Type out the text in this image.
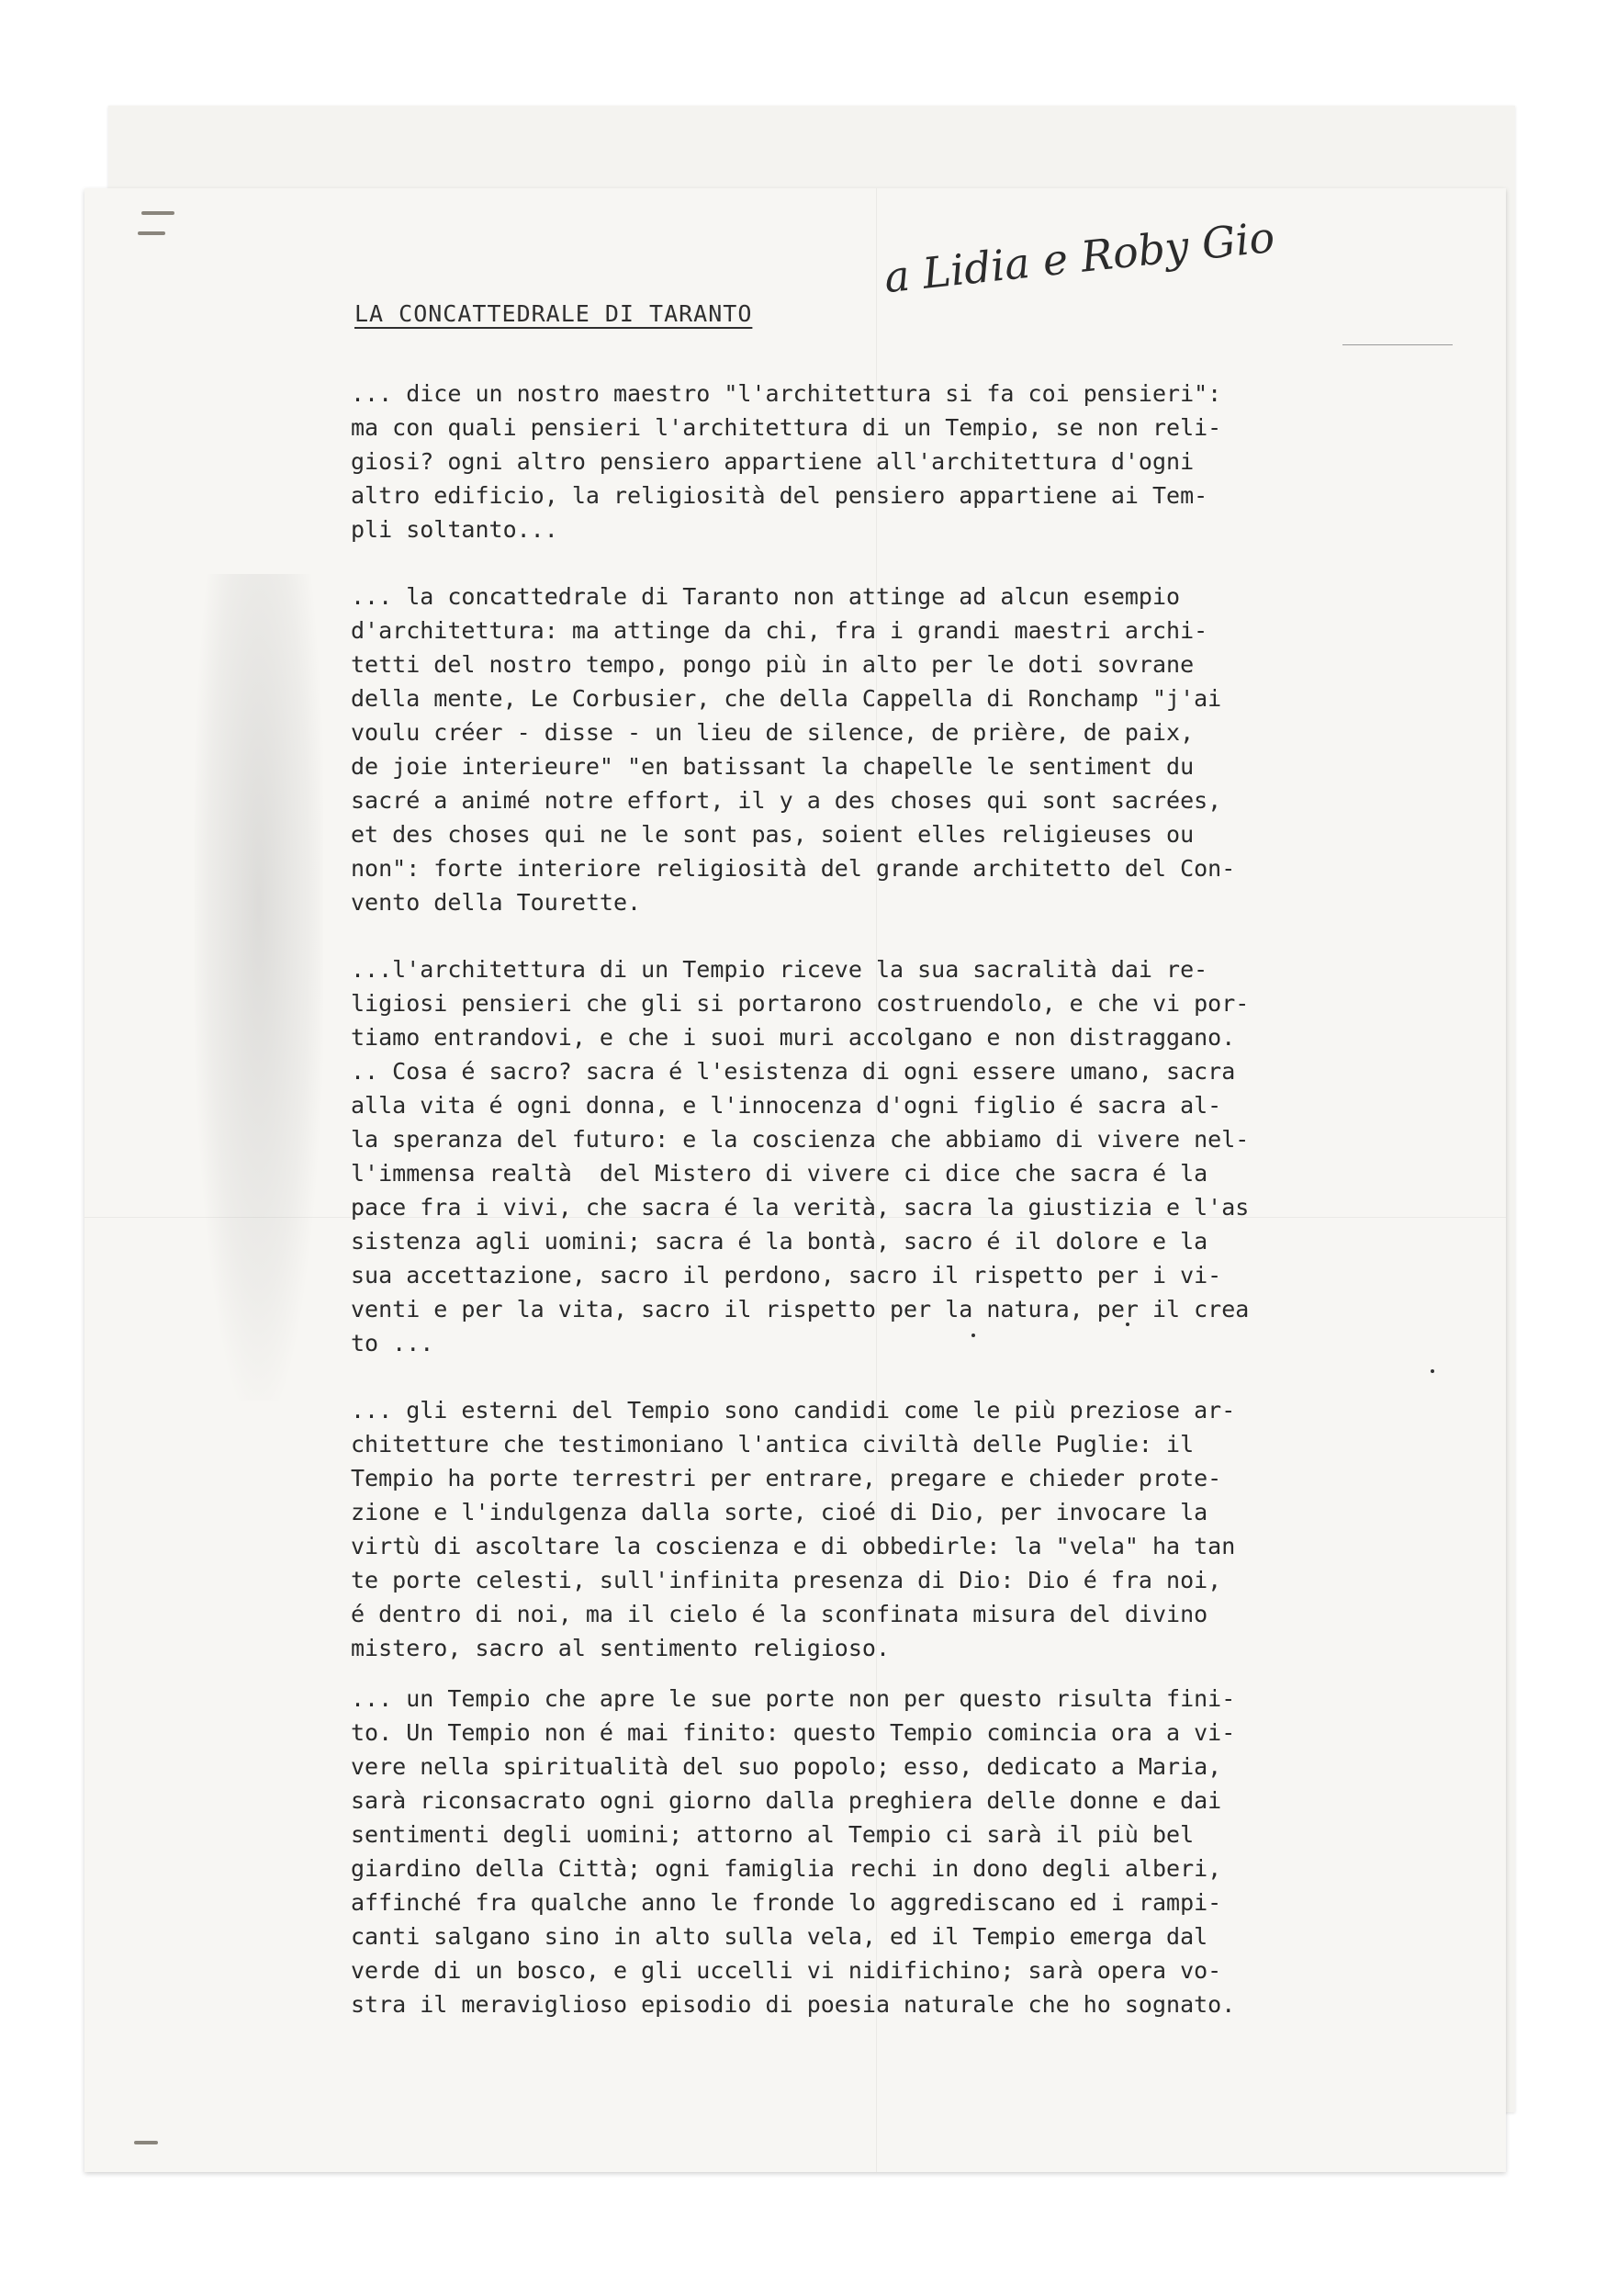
a Lidia e Roby Gio
LA CONCATTEDRALE DI TARANTO

... dice un nostro maestro "l'architettura si fa coi pensieri":
ma con quali pensieri l'architettura di un Tempio, se non reli-
giosi? ogni altro pensiero appartiene all'architettura d'ogni
altro edificio, la religiosità del pensiero appartiene ai Tem-
pli soltanto...

... la concattedrale di Taranto non attinge ad alcun esempio
d'architettura: ma attinge da chi, fra i grandi maestri archi-
tetti del nostro tempo, pongo più in alto per le doti sovrane
della mente, Le Corbusier, che della Cappella di Ronchamp "j'ai
voulu créer - disse - un lieu de silence, de prière, de paix,
de joie interieure" "en batissant la chapelle le sentiment du
sacré a animé notre effort, il y a des choses qui sont sacrées,
et des choses qui ne le sont pas, soient elles religieuses ou
non": forte interiore religiosità del grande architetto del Con-
vento della Tourette.

...l'architettura di un Tempio riceve la sua sacralità dai re-
ligiosi pensieri che gli si portarono costruendolo, e che vi por-
tiamo entrandovi, e che i suoi muri accolgano e non distraggano.
.. Cosa é sacro? sacra é l'esistenza di ogni essere umano, sacra
alla vita é ogni donna, e l'innocenza d'ogni figlio é sacra al-
la speranza del futuro: e la coscienza che abbiamo di vivere nel-
l'immensa realtà  del Mistero di vivere ci dice che sacra é la
pace fra i vivi, che sacra é la verità, sacra la giustizia e l'as
sistenza agli uomini; sacra é la bontà, sacro é il dolore e la
sua accettazione, sacro il perdono, sacro il rispetto per i vi-
venti e per la vita, sacro il rispetto per la natura, per il crea
to ...

... gli esterni del Tempio sono candidi come le più preziose ar-
chitetture che testimoniano l'antica civiltà delle Puglie: il
Tempio ha porte terrestri per entrare, pregare e chieder prote-
zione e l'indulgenza dalla sorte, cioé di Dio, per invocare la
virtù di ascoltare la coscienza e di obbedirle: la "vela" ha tan
te porte celesti, sull'infinita presenza di Dio: Dio é fra noi,
é dentro di noi, ma il cielo é la sconfinata misura del divino
mistero, sacro al sentimento religioso.

... un Tempio che apre le sue porte non per questo risulta fini-
to. Un Tempio non é mai finito: questo Tempio comincia ora a vi-
vere nella spiritualità del suo popolo; esso, dedicato a Maria,
sarà riconsacrato ogni giorno dalla preghiera delle donne e dai
sentimenti degli uomini; attorno al Tempio ci sarà il più bel
giardino della Città; ogni famiglia rechi in dono degli alberi,
affinché fra qualche anno le fronde lo aggrediscano ed i rampi-
canti salgano sino in alto sulla vela, ed il Tempio emerga dal
verde di un bosco, e gli uccelli vi nidifichino; sarà opera vo-
stra il meraviglioso episodio di poesia naturale che ho sognato.
